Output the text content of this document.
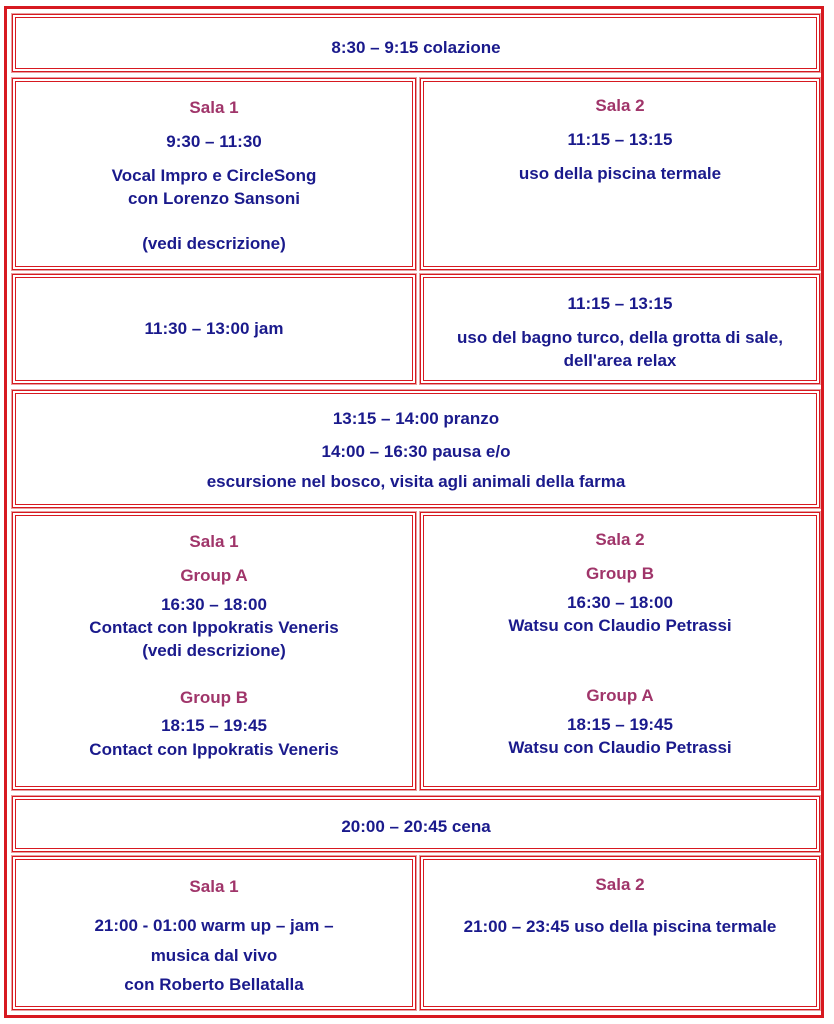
8:30 – 9:15 colazione
Sala 1
9:30 – 11:30
Vocal Impro e CircleSong
con Lorenzo Sansoni
(vedi descrizione)
Sala 2
11:15 – 13:15
uso della piscina termale
11:30 – 13:00 jam
11:15 – 13:15
uso del bagno turco, della grotta di sale,
dell'area relax
13:15 – 14:00 pranzo
14:00 – 16:30 pausa e/o
escursione nel bosco, visita agli animali della farma
Sala 1
Group A
16:30 – 18:00
Contact con Ippokratis Veneris
(vedi descrizione)
Group B
18:15 – 19:45
Contact con Ippokratis Veneris
Sala 2
Group B
16:30 – 18:00
Watsu con Claudio Petrassi
Group A
18:15 – 19:45
Watsu con Claudio Petrassi
20:00 – 20:45 cena
Sala 1
21:00 - 01:00 warm up – jam –
musica dal vivo
con Roberto Bellatalla
Sala 2
21:00 – 23:45 uso della piscina termale
